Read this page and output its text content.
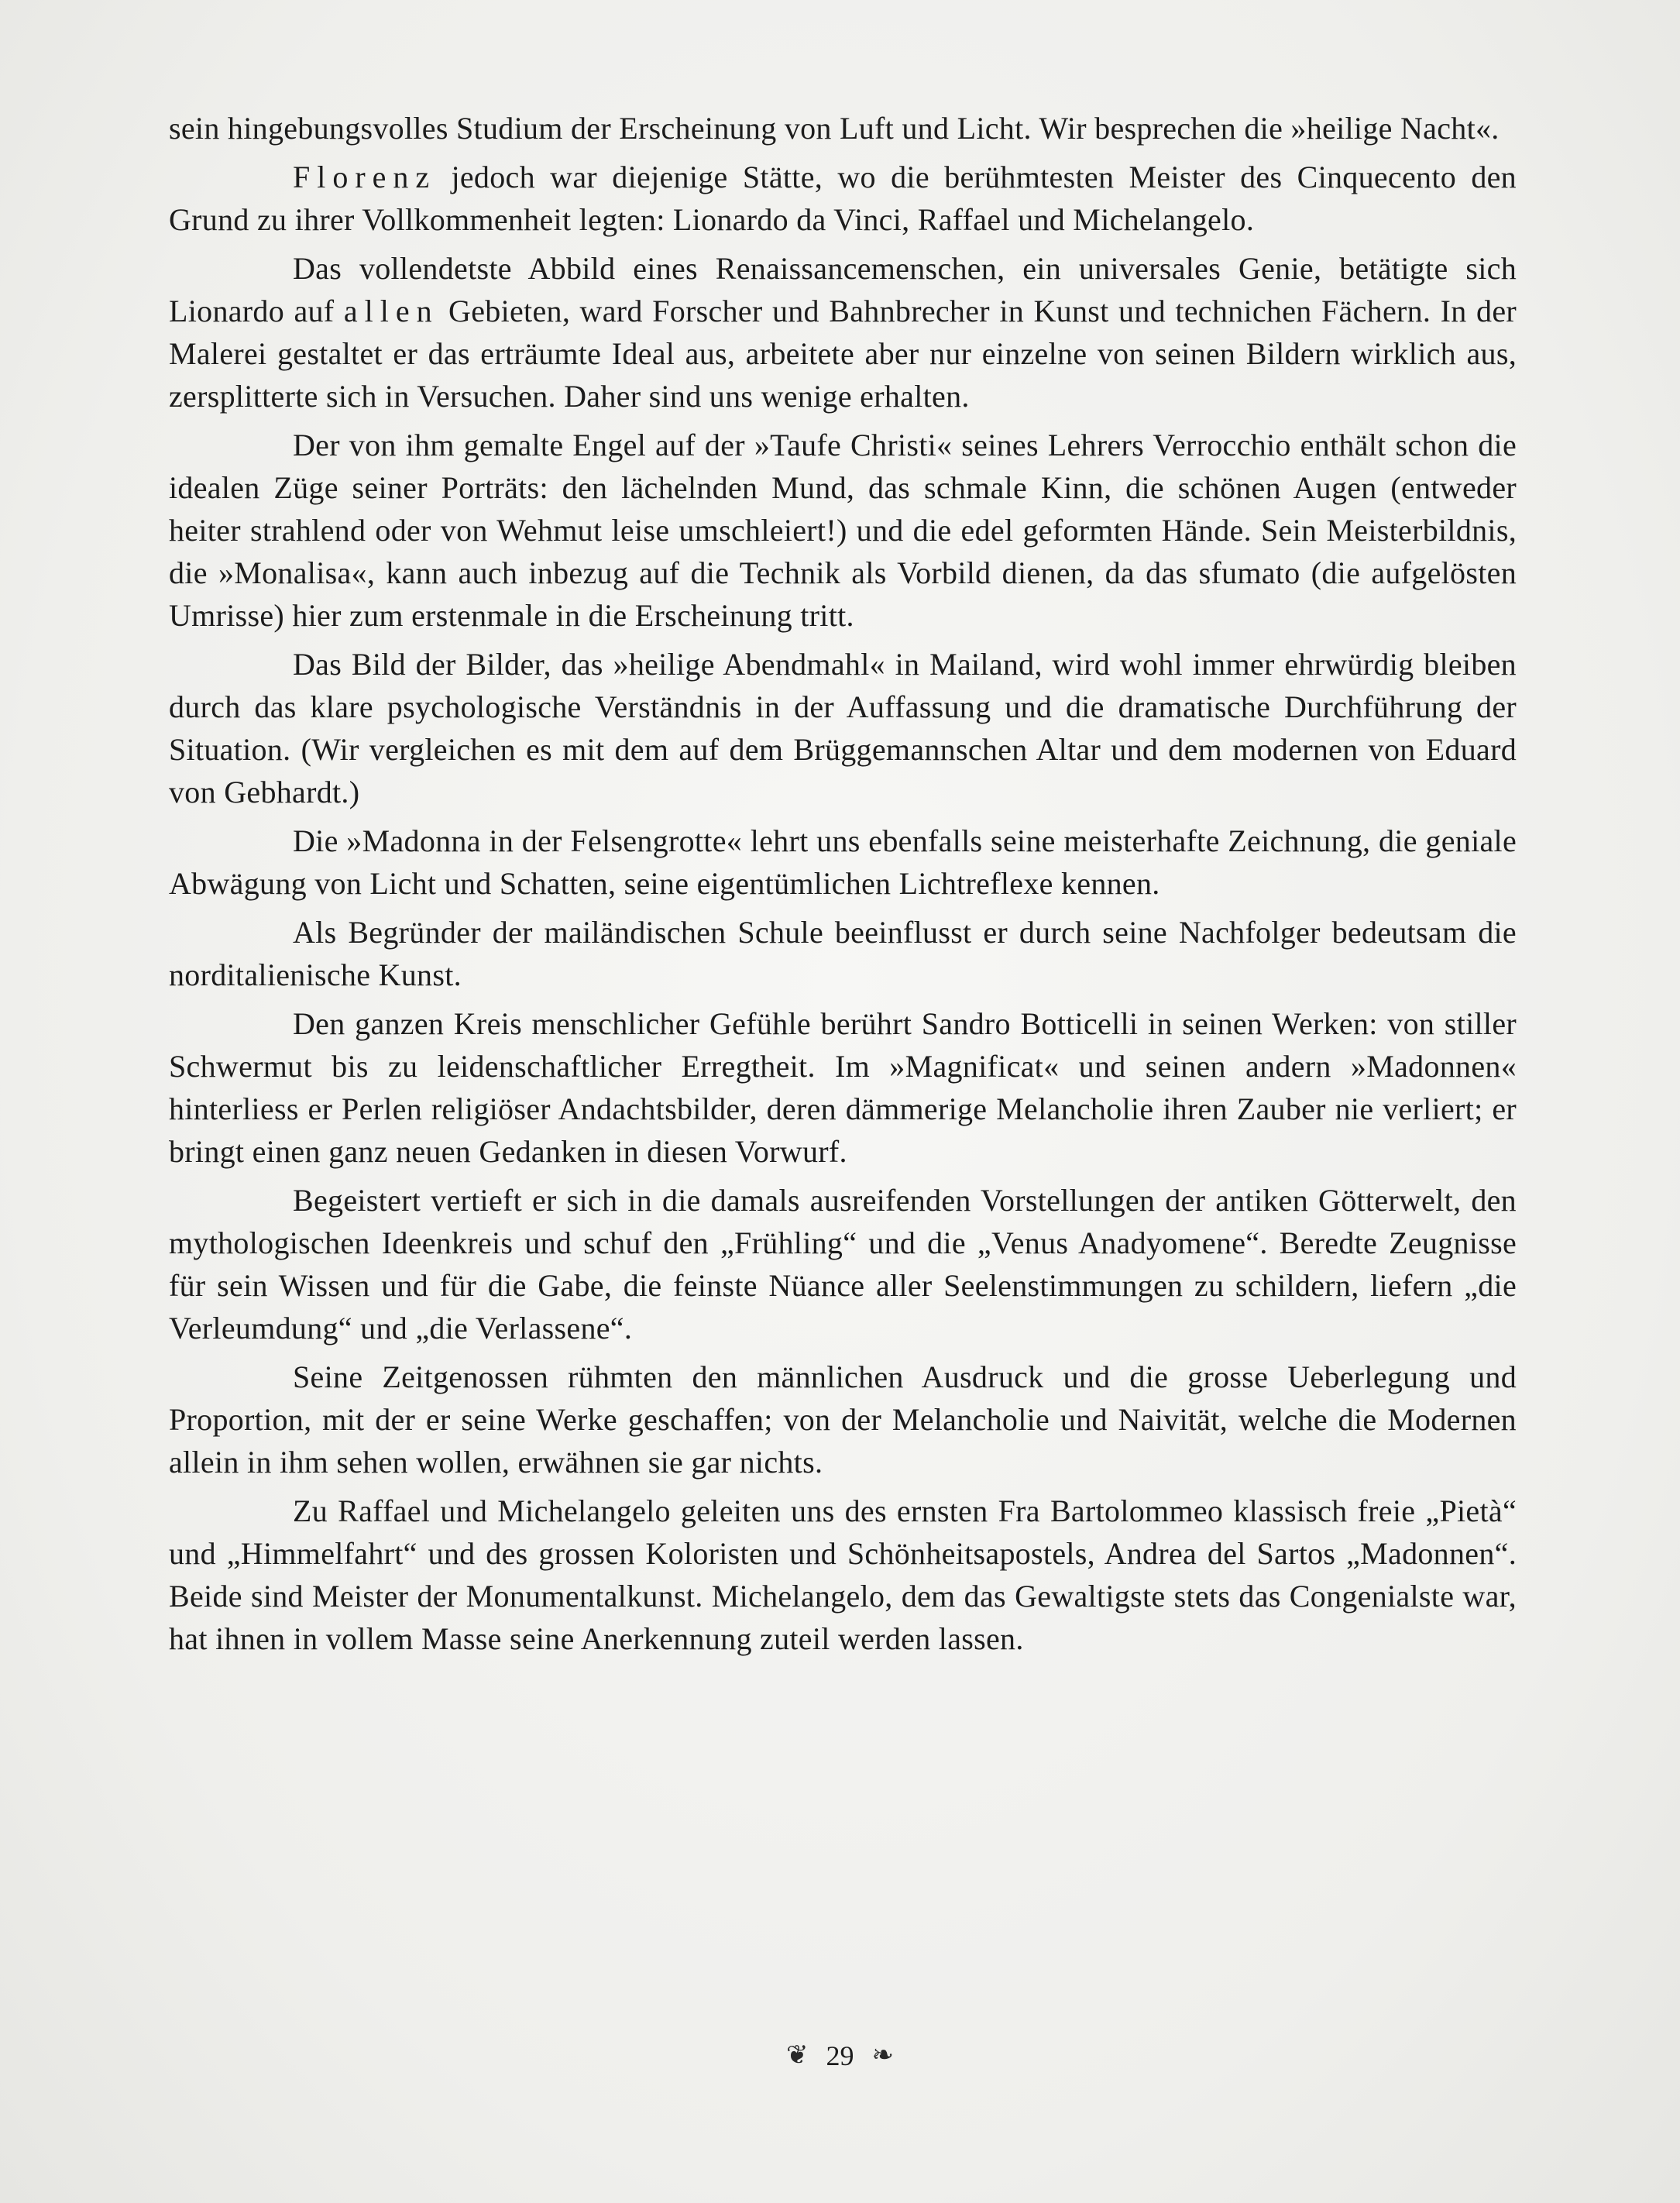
sein hingebungsvolles Studium der Erscheinung von Luft und Licht. Wir besprechen die »heilige Nacht«.

Florenz jedoch war diejenige Stätte, wo die berühmtesten Meister des Cinquecento den Grund zu ihrer Vollkommenheit legten: Lionardo da Vinci, Raffael und Michelangelo.

Das vollendetste Abbild eines Renaissancemenschen, ein universales Genie, betätigte sich Lionardo auf allen Gebieten, ward Forscher und Bahnbrecher in Kunst und technichen Fächern. In der Malerei gestaltet er das erträumte Ideal aus, arbeitete aber nur einzelne von seinen Bildern wirklich aus, zersplitterte sich in Versuchen. Daher sind uns wenige erhalten.

Der von ihm gemalte Engel auf der »Taufe Christi« seines Lehrers Verrocchio enthält schon die idealen Züge seiner Porträts: den lächelnden Mund, das schmale Kinn, die schönen Augen (entweder heiter strahlend oder von Wehmut leise umschleiert!) und die edel geformten Hände. Sein Meisterbildnis, die »Monalisa«, kann auch inbezug auf die Technik als Vorbild dienen, da das sfumato (die aufgelösten Umrisse) hier zum erstenmale in die Erscheinung tritt.

Das Bild der Bilder, das »heilige Abendmahl« in Mailand, wird wohl immer ehrwürdig bleiben durch das klare psychologische Verständnis in der Auffassung und die dramatische Durchführung der Situation. (Wir vergleichen es mit dem auf dem Brüggemannschen Altar und dem modernen von Eduard von Gebhardt.)

Die »Madonna in der Felsengrotte« lehrt uns ebenfalls seine meisterhafte Zeichnung, die geniale Abwägung von Licht und Schatten, seine eigentümlichen Lichtreflexe kennen.

Als Begründer der mailändischen Schule beeinflusst er durch seine Nachfolger bedeutsam die norditalienische Kunst.

Den ganzen Kreis menschlicher Gefühle berührt Sandro Botticelli in seinen Werken: von stiller Schwermut bis zu leidenschaftlicher Erregtheit. Im »Magnificat« und seinen andern »Madonnen« hinterliess er Perlen religiöser Andachtsbilder, deren dämmerige Melancholie ihren Zauber nie verliert; er bringt einen ganz neuen Gedanken in diesen Vorwurf.

Begeistert vertieft er sich in die damals ausreifenden Vorstellungen der antiken Götterwelt, den mythologischen Ideenkreis und schuf den „Frühling“ und die „Venus Anadyomene“. Beredte Zeugnisse für sein Wissen und für die Gabe, die feinste Nüance aller Seelenstimmungen zu schildern, liefern „die Verleumdung“ und „die Verlassene“.

Seine Zeitgenossen rühmten den männlichen Ausdruck und die grosse Ueberlegung und Proportion, mit der er seine Werke geschaffen; von der Melancholie und Naivität, welche die Modernen allein in ihm sehen wollen, erwähnen sie gar nichts.

Zu Raffael und Michelangelo geleiten uns des ernsten Fra Bartolommeo klassisch freie „Pietà“ und „Himmelfahrt“ und des grossen Koloristen und Schönheitsapostels, Andrea del Sartos „Madonnen“. Beide sind Meister der Monumentalkunst. Michelangelo, dem das Gewaltigste stets das Congenialste war, hat ihnen in vollem Masse seine Anerkennung zuteil werden lassen.

❦ 29 ❧
